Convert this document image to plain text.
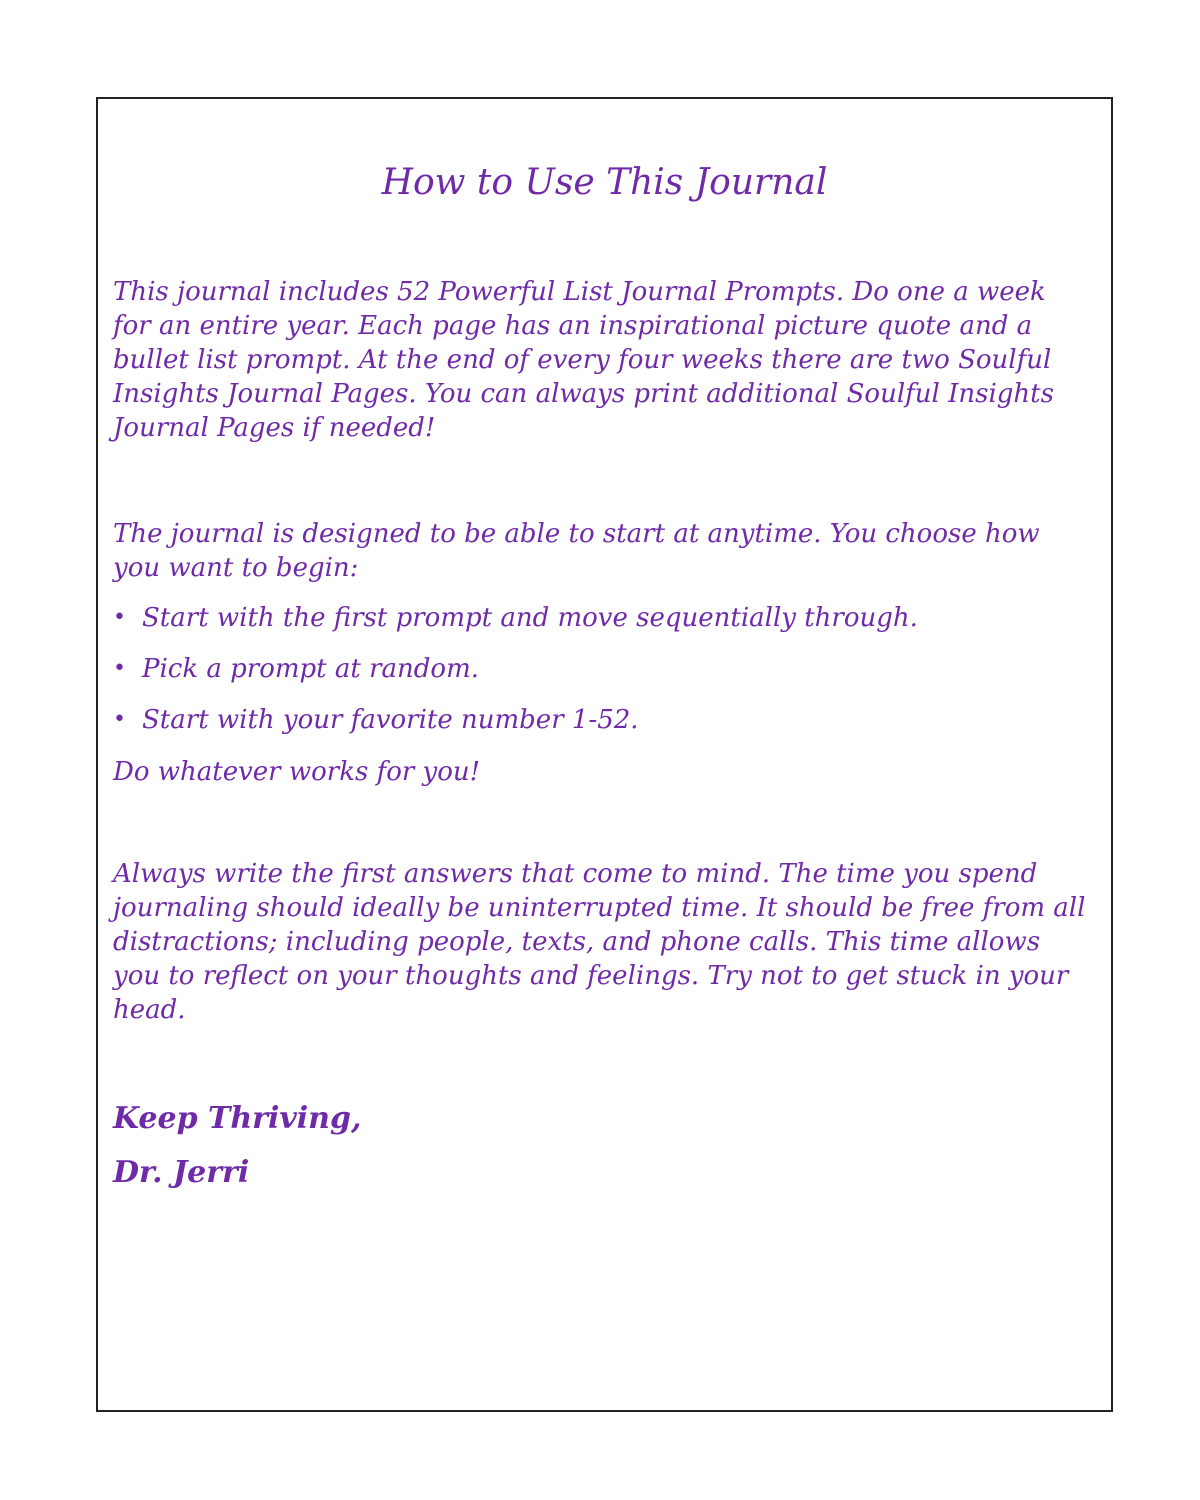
How to Use This Journal

This journal includes 52 Powerful List Journal Prompts. Do one a week for an entire year. Each page has an inspirational picture quote and a bullet list prompt. At the end of every four weeks there are two Soulful Insights Journal Pages. You can always print additional Soulful Insights Journal Pages if needed!

The journal is designed to be able to start at anytime. You choose how you want to begin:

• Start with the first prompt and move sequentially through.
• Pick a prompt at random.
• Start with your favorite number 1-52.

Do whatever works for you!

Always write the first answers that come to mind. The time you spend journaling should ideally be uninterrupted time. It should be free from all distractions; including people, texts, and phone calls. This time allows you to reflect on your thoughts and feelings. Try not to get stuck in your head.

Keep Thriving,

Dr. Jerri
